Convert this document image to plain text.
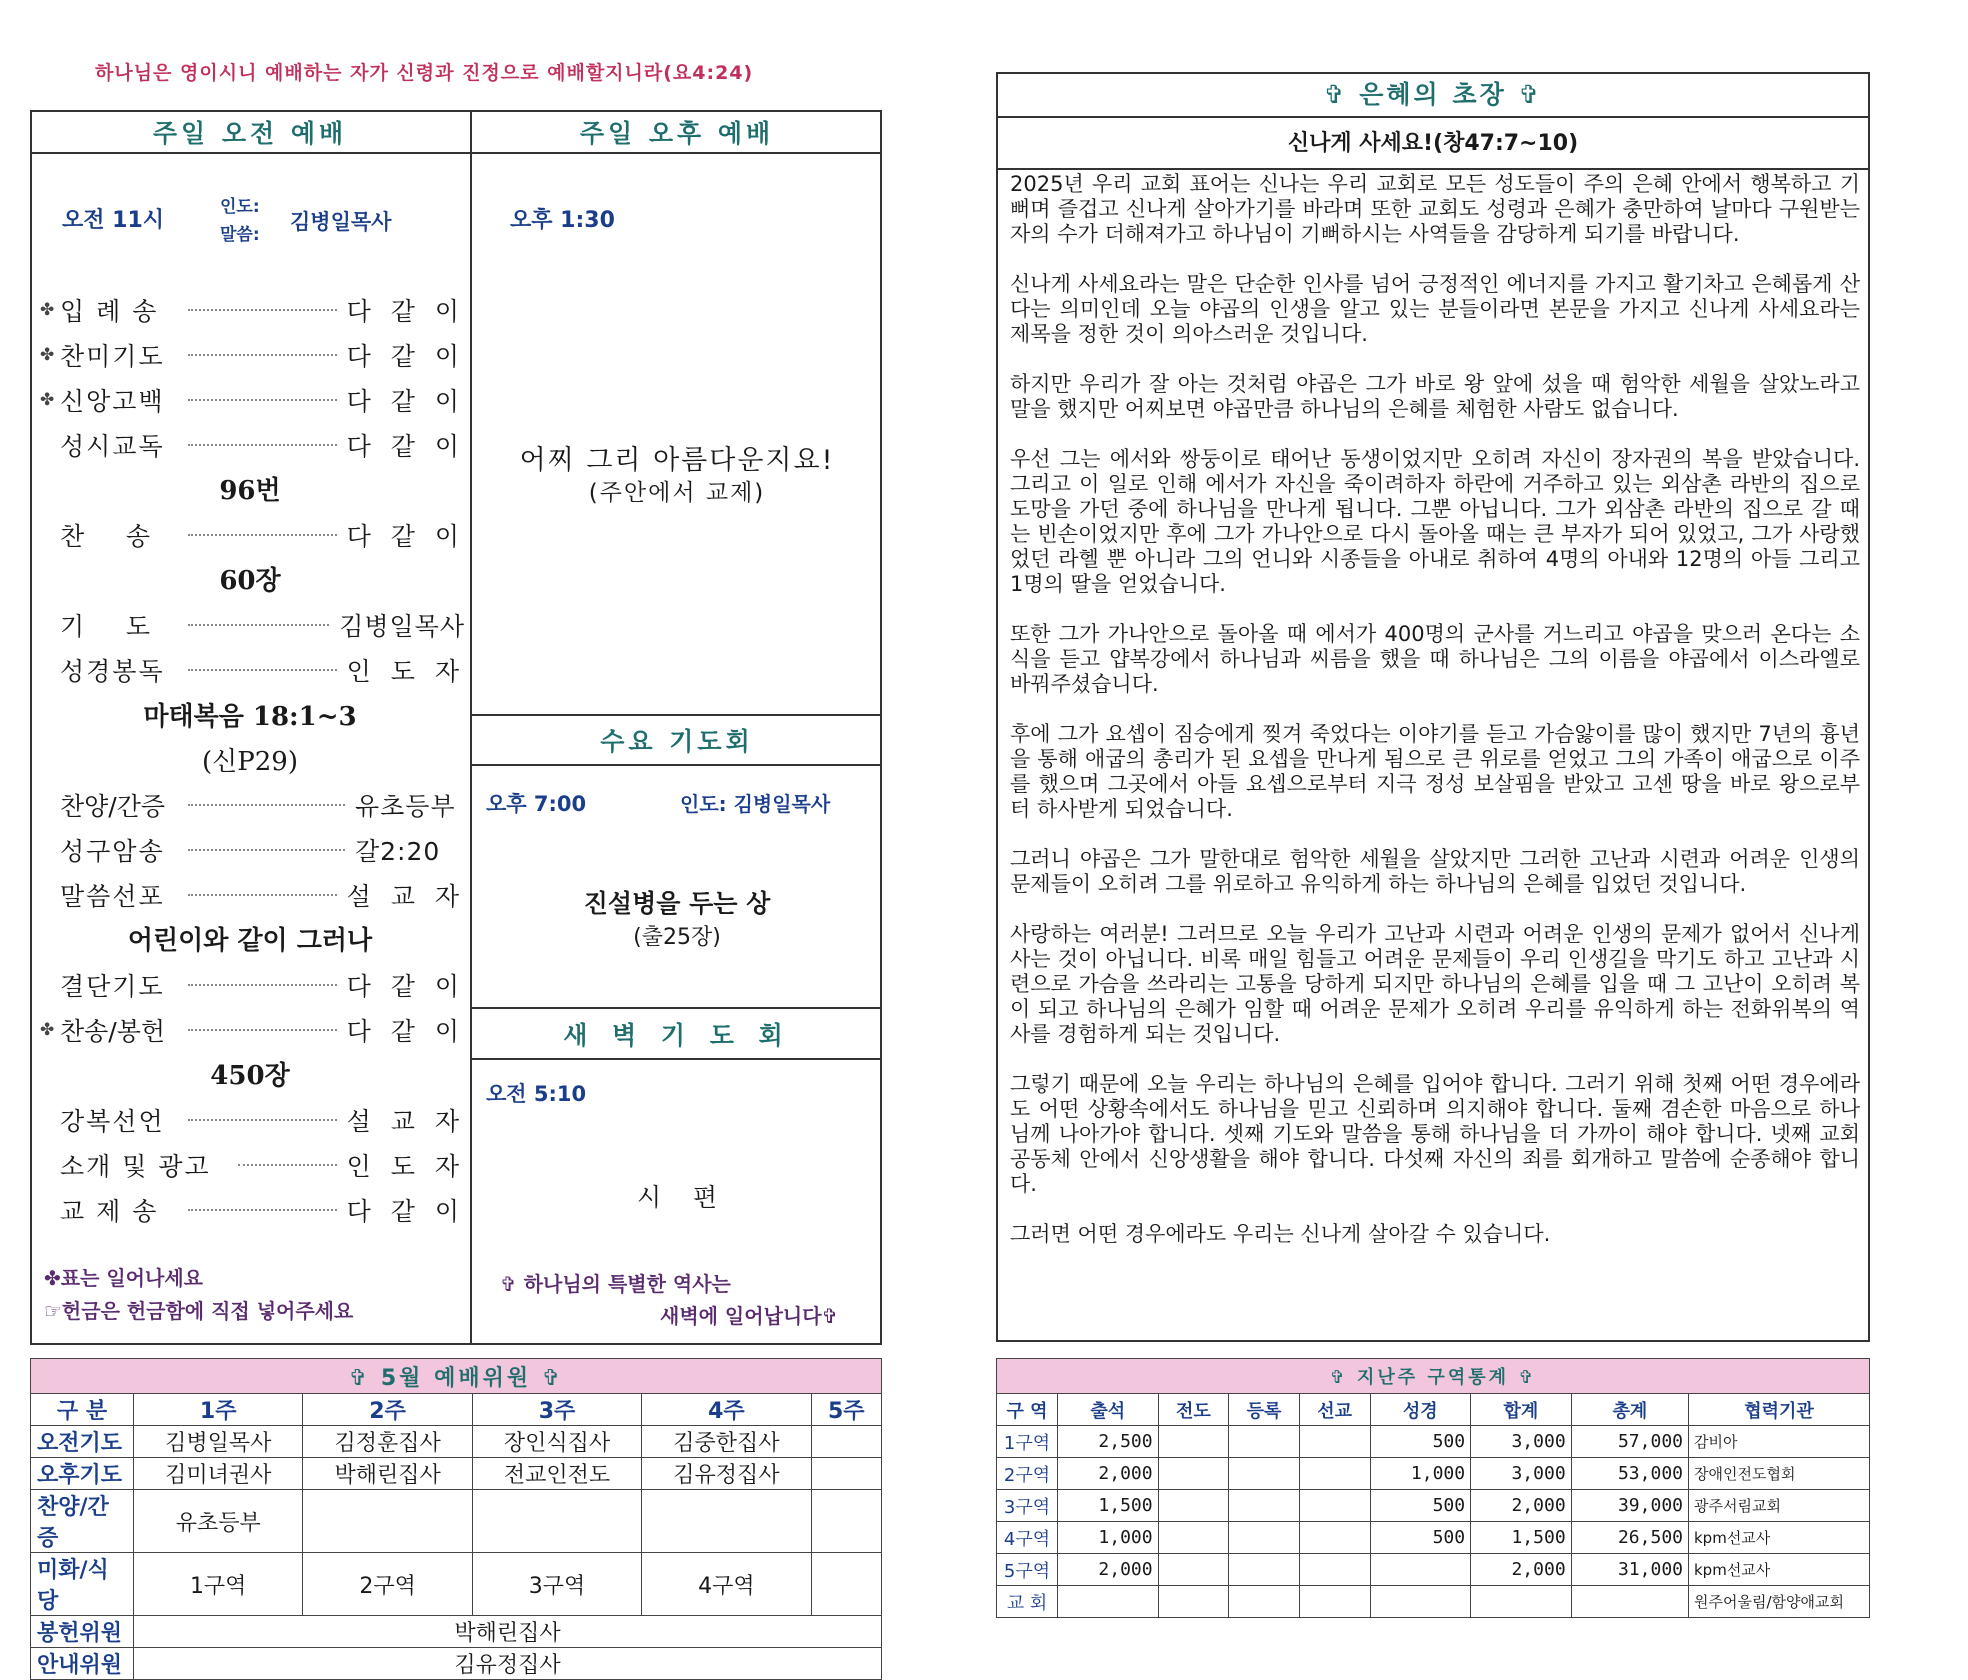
하나님은 영이시니 예배하는 자가 신령과 진정으로 예배할지니라(요4:24)
주일 오전 예배	주일 오후 예배
오전 11시
인도:
말씀:
김병일목사
✤ 입 례 송	다 같 이
✤ 찬미기도	다 같 이
✤ 신앙고백	다 같 이
성시교독	다 같 이
96번
찬    송	다 같 이
60장
기    도	김병일목사
성경봉독	인 도 자
마태복음 18:1~3
(신P29)
찬양/간증	유초등부
성구암송	갈2:20
말씀선포	설 교 자
어린이와 같이 그러나
결단기도	다 같 이
✤ 찬송/봉헌	다 같 이
450장
강복선언	설 교 자
소개 및 광고	인 도 자
교 제 송	다 같 이
✤표는 일어나세요
☞헌금은 헌금함에 직접 넣어주세요
오후 1:30
어찌 그리 아름다운지요!
(주안에서 교제)
수요 기도회
오후 7:00	인도: 김병일목사
진설병을 두는 상
(출25장)
새 벽 기 도 회
오전 5:10
시    편
✞ 하나님의 특별한 역사는
새벽에 일어납니다✞
✞ 5월 예배위원 ✞					
구 분	1주	2주	3주	4주	5주
오전기도	김병일목사	김정훈집사	장인식집사	김중한집사	
오후기도	김미녀권사	박해린집사	전교인전도	김유정집사	
찬양/간증	유초등부				
미화/식당	1구역	2구역	3구역	4구역	
봉헌위원	박해린집사				
안내위원	김유정집사				
✞ 은혜의 초장 ✞
신나게 사세요!(창47:7~10)

2025년 우리 교회 표어는 신나는 우리 교회로 모든 성도들이 주의 은혜 안에서 행복하고 기뻐며 즐겁고 신나게 살아가기를 바라며 또한 교회도 성령과 은혜가 충만하여 날마다 구원받는 자의 수가 더해져가고 하나님이 기뻐하시는 사역들을 감당하게 되기를 바랍니다.

신나게 사세요라는 말은 단순한 인사를 넘어 긍정적인 에너지를 가지고 활기차고 은혜롭게 산다는 의미인데 오늘 야곱의 인생을 알고 있는 분들이라면 본문을 가지고 신나게 사세요라는 제목을 정한 것이 의아스러운 것입니다.

하지만 우리가 잘 아는 것처럼 야곱은 그가 바로 왕 앞에 섰을 때 험악한 세월을 살았노라고 말을 했지만 어찌보면 야곱만큼 하나님의 은혜를 체험한 사람도 없습니다.

우선 그는 에서와 쌍둥이로 태어난 동생이었지만 오히려 자신이 장자권의 복을 받았습니다. 그리고 이 일로 인해 에서가 자신을 죽이려하자 하란에 거주하고 있는 외삼촌 라반의 집으로 도망을 가던 중에 하나님을 만나게 됩니다. 그뿐 아닙니다. 그가 외삼촌 라반의 집으로 갈 때는 빈손이었지만 후에 그가 가나안으로 다시 돌아올 때는 큰 부자가 되어 있었고, 그가 사랑했었던 라헬 뿐 아니라 그의 언니와 시종들을 아내로 취하여 4명의 아내와 12명의 아들 그리고 1명의 딸을 얻었습니다.

또한 그가 가나안으로 돌아올 때 에서가 400명의 군사를 거느리고 야곱을 맞으러 온다는 소식을 듣고 얍복강에서 하나님과 씨름을 했을 때 하나님은 그의 이름을 야곱에서 이스라엘로 바꿔주셨습니다.

후에 그가 요셉이 짐승에게 찢겨 죽었다는 이야기를 듣고 가슴앓이를 많이 했지만 7년의 흉년을 통해 애굽의 총리가 된 요셉을 만나게 됨으로 큰 위로를 얻었고 그의 가족이 애굽으로 이주를 했으며 그곳에서 아들 요셉으로부터 지극 정성 보살핌을 받았고 고센 땅을 바로 왕으로부터 하사받게 되었습니다.

그러니 야곱은 그가 말한대로 험악한 세월을 살았지만 그러한 고난과 시련과 어려운 인생의 문제들이 오히려 그를 위로하고 유익하게 하는 하나님의 은혜를 입었던 것입니다.

사랑하는 여러분! 그러므로 오늘 우리가 고난과 시련과 어려운 인생의 문제가 없어서 신나게 사는 것이 아닙니다. 비록 매일 힘들고 어려운 문제들이 우리 인생길을 막기도 하고 고난과 시련으로 가슴을 쓰라리는 고통을 당하게 되지만 하나님의 은혜를 입을 때 그 고난이 오히려 복이 되고 하나님의 은혜가 임할 때 어려운 문제가 오히려 우리를 유익하게 하는 전화위복의 역사를 경험하게 되는 것입니다.

그렇기 때문에 오늘 우리는 하나님의 은혜를 입어야 합니다. 그러기 위해 첫째 어떤 경우에라도 어떤 상황속에서도 하나님을 믿고 신뢰하며 의지해야 합니다. 둘째 겸손한 마음으로 하나님께 나아가야 합니다. 셋째 기도와 말씀을 통해 하나님을 더 가까이 해야 합니다. 넷째 교회 공동체 안에서 신앙생활을 해야 합니다. 다섯째 자신의 죄를 회개하고 말씀에 순종해야 합니다.

그러면 어떤 경우에라도 우리는 신나게 살아갈 수 있습니다.

✞ 지난주 구역통계 ✞								
구 역	출석	전도	등록	선교	성경	합계	총계	협력기관
1구역	2,500				500	3,000	57,000	감비아
2구역	2,000				1,000	3,000	53,000	장애인전도협회
3구역	1,500				500	2,000	39,000	광주서림교회
4구역	1,000				500	1,500	26,500	kpm선교사
5구역	2,000					2,000	31,000	kpm선교사
교 회								원주어울림/함양애교회
